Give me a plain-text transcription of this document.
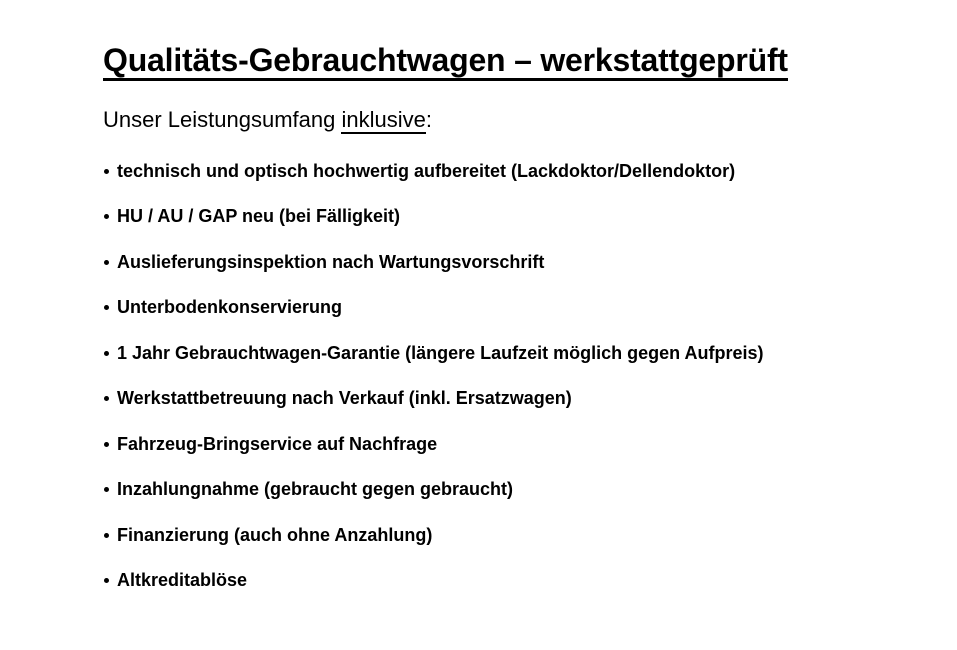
Qualitäts-Gebrauchtwagen – werkstattgeprüft

Unser Leistungsumfang inklusive:

technisch und optisch hochwertig aufbereitet (Lackdoktor/Dellendoktor)
HU / AU / GAP neu (bei Fälligkeit)
Auslieferungsinspektion nach Wartungsvorschrift
Unterbodenkonservierung
1 Jahr Gebrauchtwagen-Garantie (längere Laufzeit möglich gegen Aufpreis)
Werkstattbetreuung nach Verkauf (inkl. Ersatzwagen)
Fahrzeug-Bringservice auf Nachfrage
Inzahlungnahme (gebraucht gegen gebraucht)
Finanzierung (auch ohne Anzahlung)
Altkreditablöse
